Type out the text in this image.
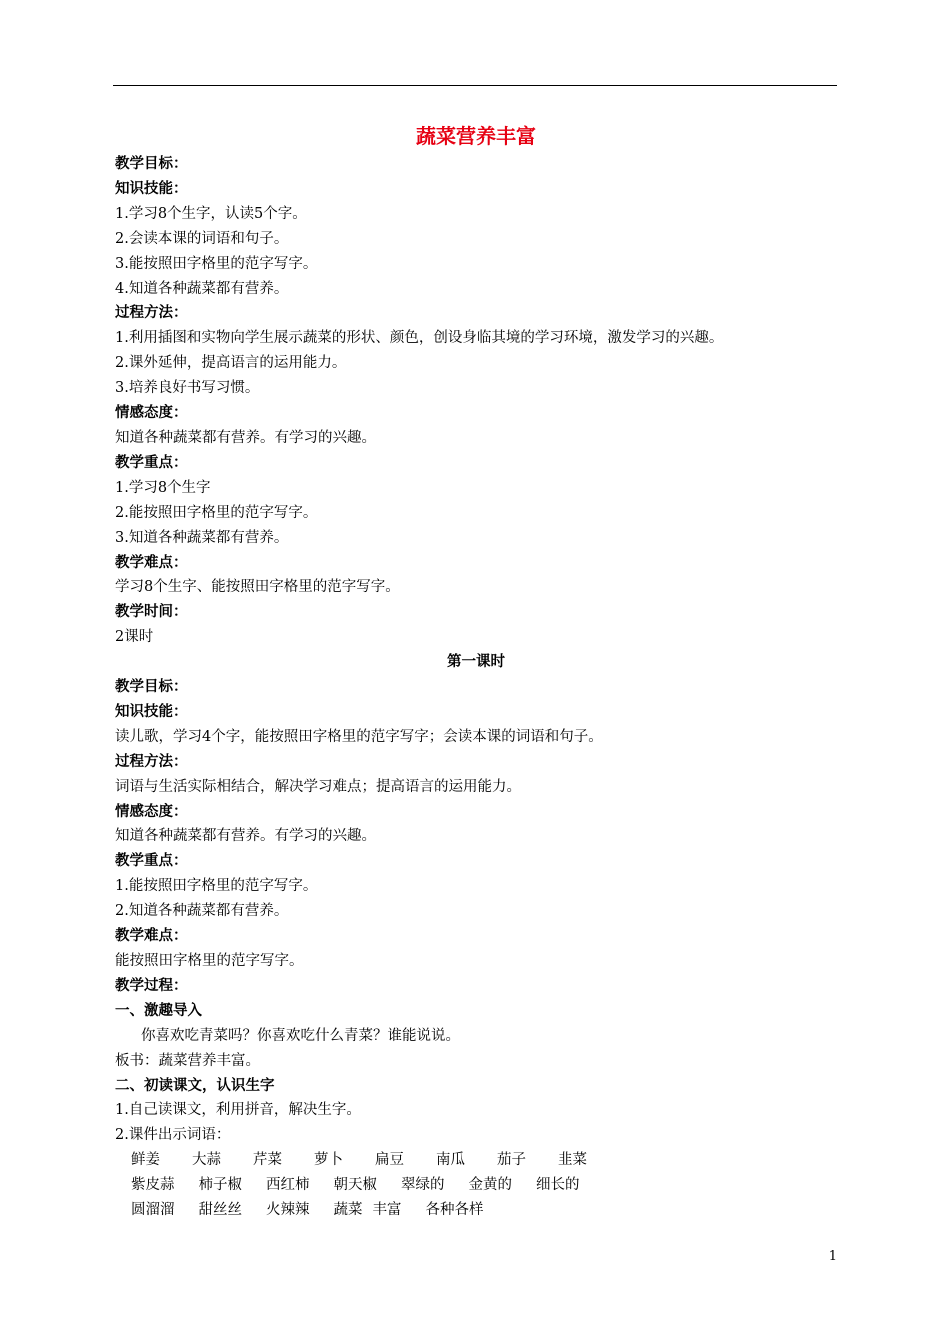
蔬菜营养丰富
教学目标：
知识技能：
1.学习8个生字，认读5个字。
2.会读本课的词语和句子。
3.能按照田字格里的范字写字。
4.知道各种蔬菜都有营养。
过程方法：
1.利用插图和实物向学生展示蔬菜的形状、颜色，创设身临其境的学习环境，激发学习的兴趣。
2.课外延伸，提高语言的运用能力。
3.培养良好书写习惯。
情感态度：
知道各种蔬菜都有营养。有学习的兴趣。
教学重点：
1.学习8个生字
2.能按照田字格里的范字写字。
3.知道各种蔬菜都有营养。
教学难点：
学习8个生字、能按照田字格里的范字写字。
教学时间：
2课时
第一课时
教学目标：
知识技能：
读儿歌，学习4个字，能按照田字格里的范字写字；会读本课的词语和句子。
过程方法：
词语与生活实际相结合，解决学习难点；提高语言的运用能力。
情感态度：
知道各种蔬菜都有营养。有学习的兴趣。
教学重点：
1.能按照田字格里的范字写字。
2.知道各种蔬菜都有营养。
教学难点：
能按照田字格里的范字写字。
教学过程：
一、激趣导入
你喜欢吃青菜吗？你喜欢吃什么青菜？谁能说说。
板书：蔬菜营养丰富。
二、初读课文，认识生字
1.自己读课文，利用拼音，解决生字。
2.课件出示词语：
鲜姜 大蒜 芹菜 萝卜 扁豆 南瓜 茄子 韭菜
紫皮蒜 柿子椒 西红柿 朝天椒 翠绿的 金黄的 细长的
圆溜溜 甜丝丝 火辣辣 蔬菜 丰富 各种各样
1
